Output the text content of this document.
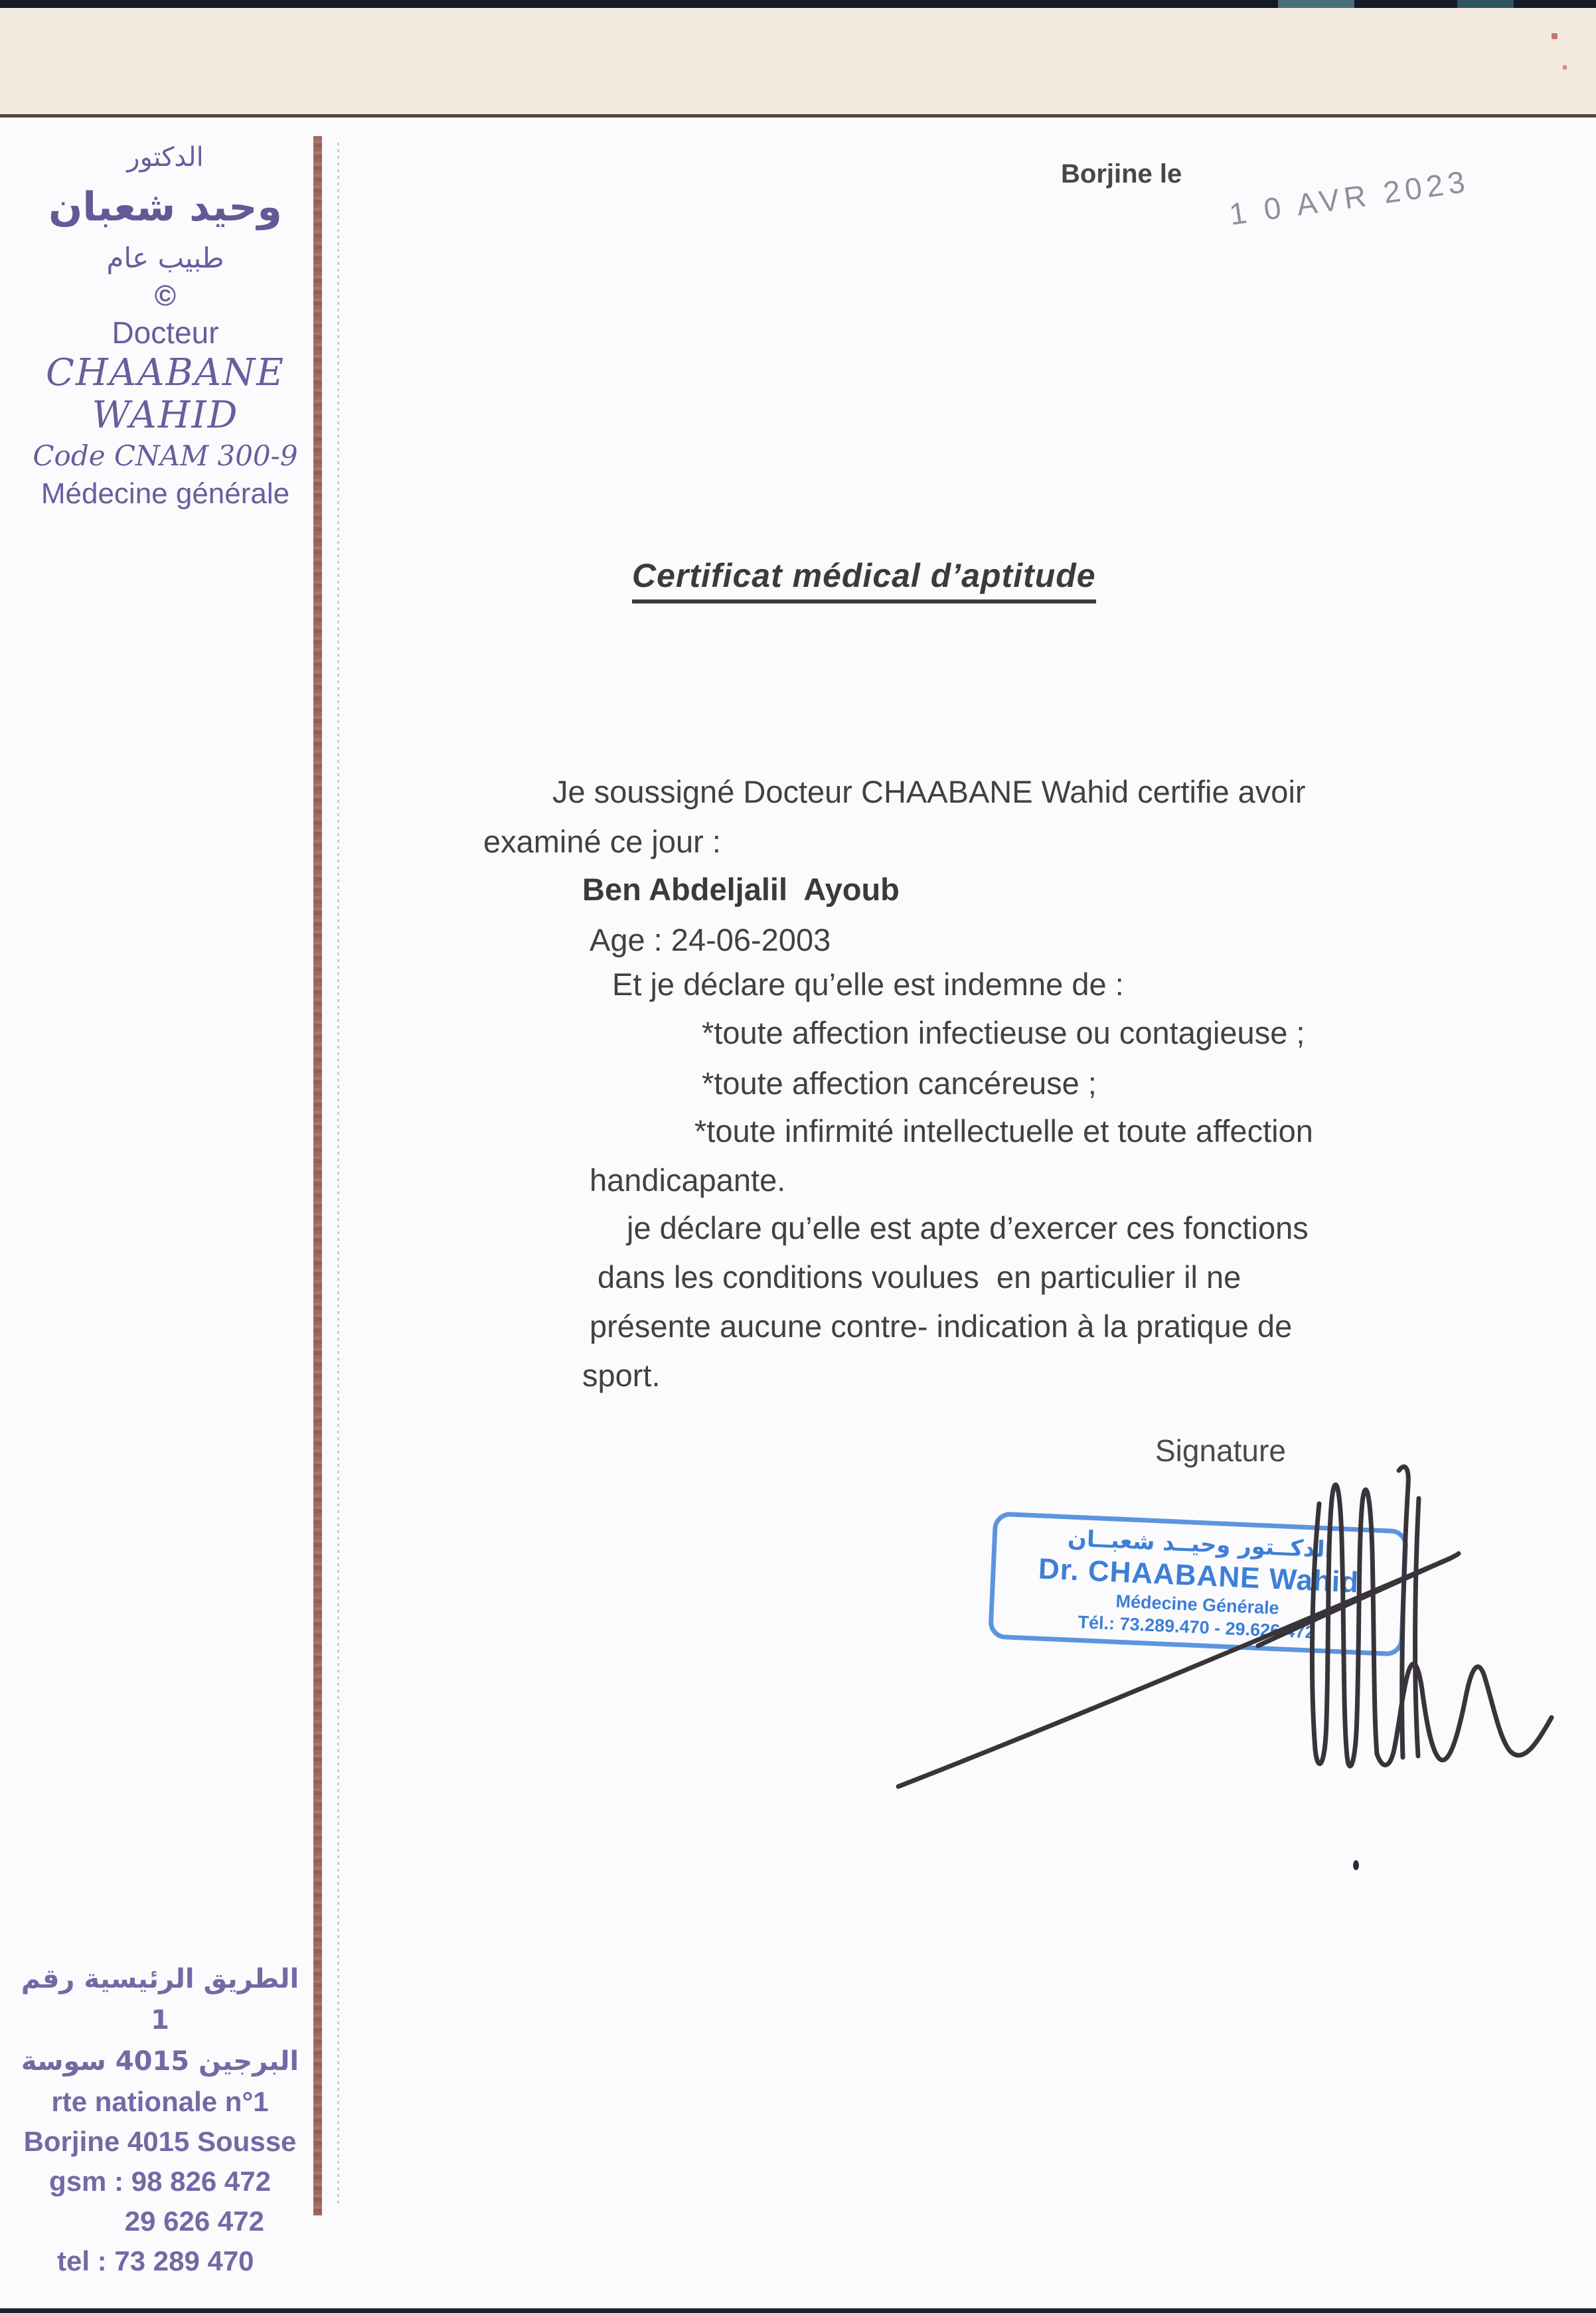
الدكتور
وحيد شعبان
طبيب عام
©
Docteur
CHAABANE
WAHID
Code CNAM 300-9
Médecine générale
Borjine le 1 0 AVR 2023
Certificat médical d’aptitude
Je soussigné Docteur CHAABANE Wahid certifie avoir
examiné ce jour :
Ben Abdeljalil  Ayoub
Age : 24-06-2003
Et je déclare qu’elle est indemne de :
*toute affection infectieuse ou contagieuse ;
*toute affection cancéreuse ;
*toute infirmité intellectuelle et toute affection
handicapante.
je déclare qu’elle est apte d’exercer ces fonctions
dans les conditions voulues  en particulier il ne
présente aucune contre- indication à la pratique de
sport.
Signature
الدكــتور وحيــد شعبــان
Dr. CHAABANE Wahid
Médecine Générale
Tél.: 73.289.470 - 29.626.472
الطريق الرئيسية رقم 1
البرجين 4015 سوسة
rte nationale n°1
Borjine 4015 Sousse
gsm : 98 826 472
29 626 472
tel : 73 289 470
